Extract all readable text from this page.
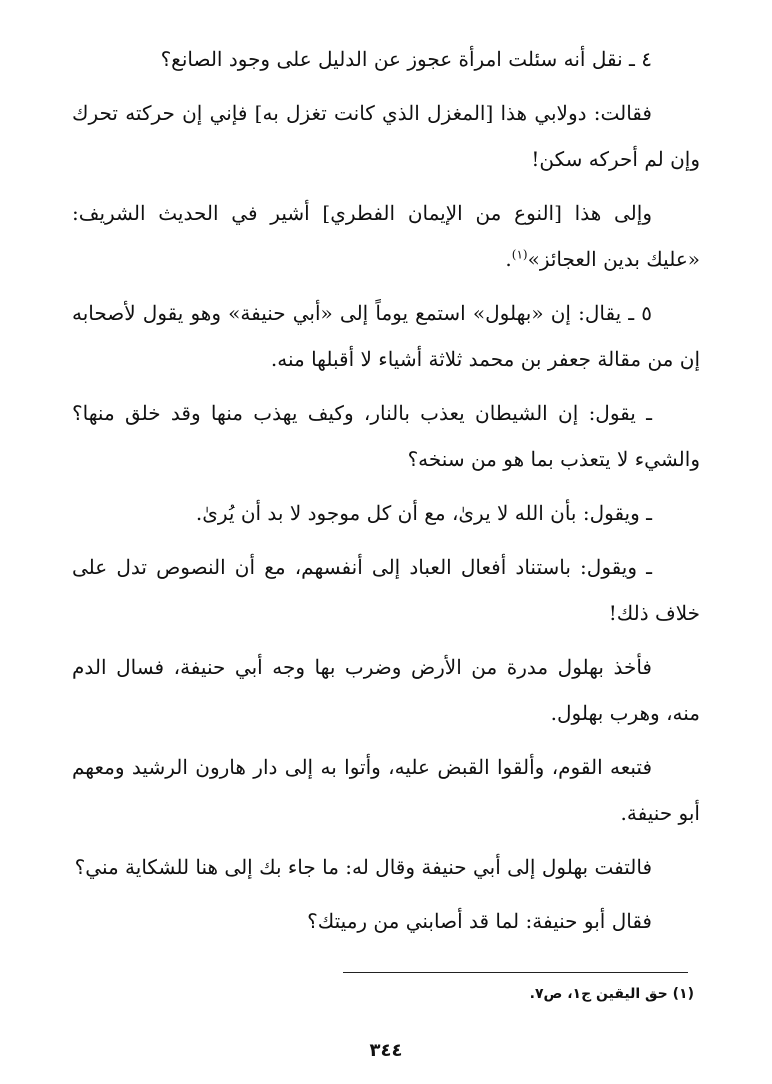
٤ ـ نقل أنه سئلت امرأة عجوز عن الدليل على وجود الصانع؟

فقالت: دولابي هذا [المغزل الذي كانت تغزل به] فإني إن حركته تحرك وإن لم أحركه سكن!

وإلى هذا [النوع من الإيمان الفطري] أشير في الحديث الشريف: «عليك بدين العجائز»$^{(١)}$.

٥ ـ يقال: إن «بهلول» استمع يوماً إلى «أبي حنيفة» وهو يقول لأصحابه إن من مقالة جعفر بن محمد ثلاثة أشياء لا أقبلها منه.

ـ يقول: إن الشيطان يعذب بالنار، وكيف يهذب منها وقد خلق منها؟ والشيء لا يتعذب بما هو من سنخه؟

ـ ويقول: بأن الله لا يرىٰ، مع أن كل موجود لا بد أن يُرىٰ.

ـ ويقول: باستناد أفعال العباد إلى أنفسهم، مع أن النصوص تدل على خلاف ذلك!

فأخذ بهلول مدرة من الأرض وضرب بها وجه أبي حنيفة، فسال الدم منه، وهرب بهلول.

فتبعه القوم، وألقوا القبض عليه، وأتوا به إلى دار هارون الرشيد ومعهم أبو حنيفة.

فالتفت بهلول إلى أبي حنيفة وقال له: ما جاء بك إلى هنا للشكاية مني؟

فقال أبو حنيفة: لما قد أصابني من رميتك؟

(١) حق اليقين ج١، ص٧.
٣٤٤
